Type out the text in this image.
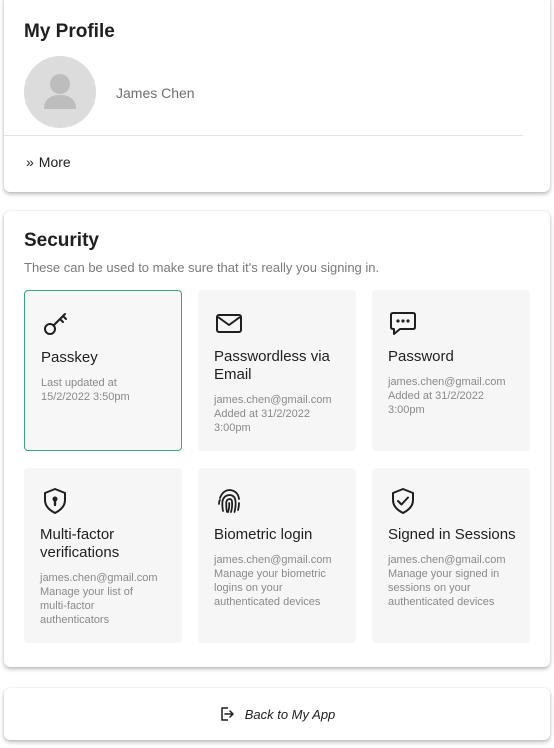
My Profile
James Chen
» More
Security
These can be used to make sure that it's really you signing in.
Passkey
Last updated at
15/2/2022 3:50pm
Passwordless via Email
james.chen@gmail.com
Added at 31/2/2022
3:00pm
Password
james.chen@gmail.com
Added at 31/2/2022
3:00pm
Multi-factor verifications
james.chen@gmail.com
Manage your list of
multi-factor
authenticators
Biometric login
james.chen@gmail.com
Manage your biometric
logins on your
authenticated devices
Signed in Sessions
james.chen@gmail.com
Manage your signed in
sessions on your
authenticated devices
Back to My App
